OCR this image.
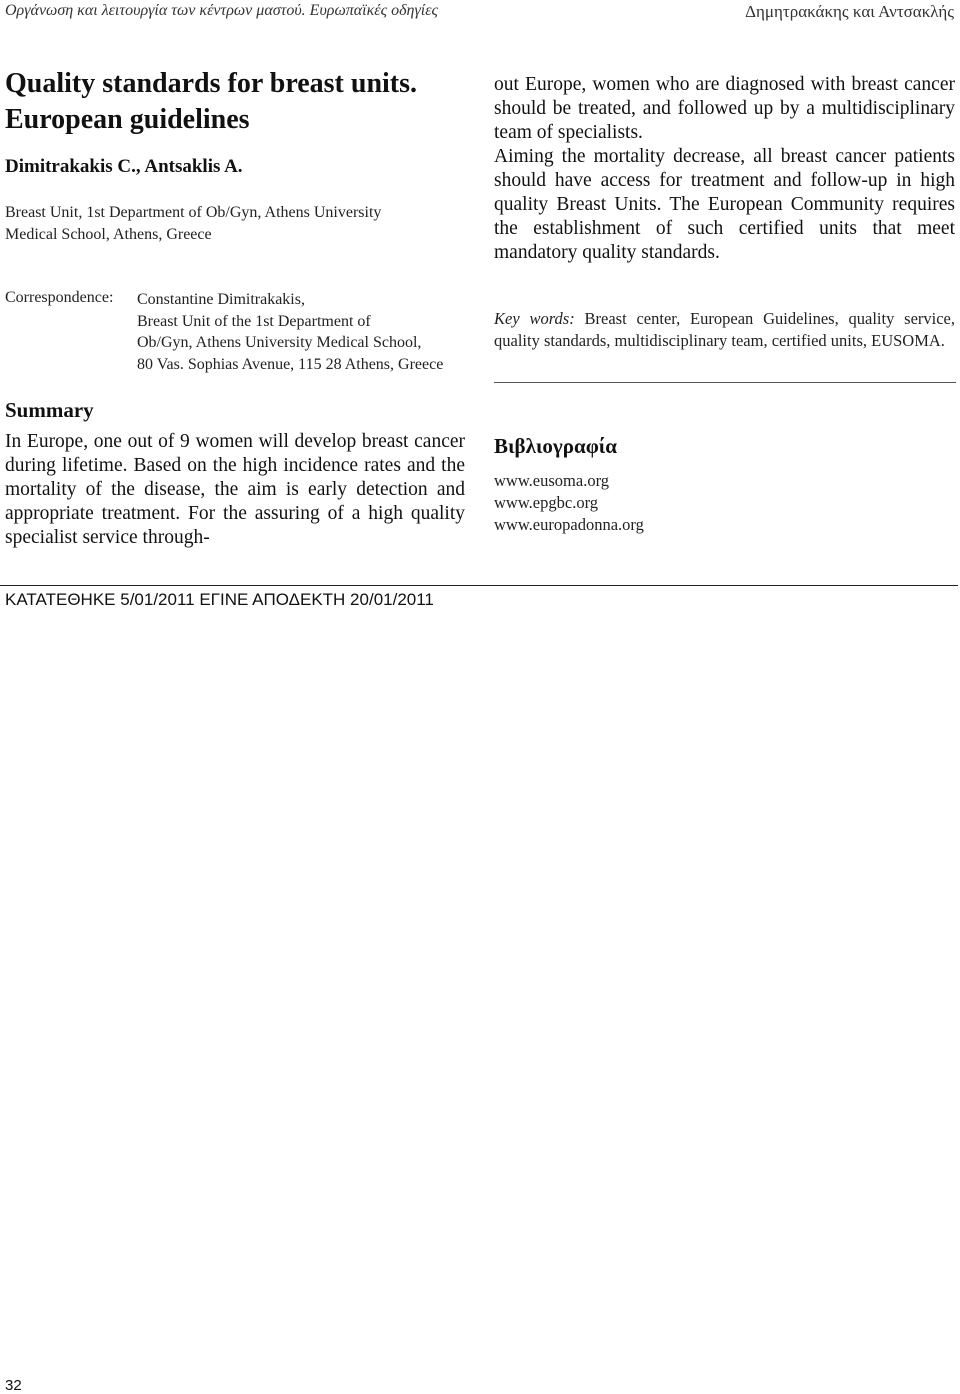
Οργάνωση και λειτουργία των κέντρων μαστού. Ευρωπαϊκές οδηγίες	Δημητρακάκης και Αντσακλής
Quality standards for breast units.
European guidelines
Dimitrakakis C., Antsaklis A.
Breast Unit, 1st Department of Ob/Gyn, Athens University
Medical School, Athens, Greece
Correspondence: Constantine Dimitrakakis,
Breast Unit of the 1st Department of
Ob/Gyn, Athens University Medical School,
80 Vas. Sophias Avenue, 115 28 Athens, Greece
Summary

In Europe, one out of 9 women will develop breast cancer during lifetime. Based on the high incidence rates and the mortality of the disease, the aim is early detection and appropriate treatment. For the assuring of a high quality specialist service through-

out Europe, women who are diagnosed with breast cancer should be treated, and followed up by a multidisciplinary team of specialists.

Aiming the mortality decrease, all breast cancer patients should have access for treatment and follow-up in high quality Breast Units. The European Community requires the establishment of such certified units that meet mandatory quality standards.

Key words: Breast center, European Guidelines, quality service, quality standards, multidisciplinary team, certified units, EUSOMA.
Βιβλιογραφία
www.eusoma.org
www.epgbc.org
www.europadonna.org
ΚΑΤΑΤΕΘΗΚΕ 5/01/2011 ΕΓΙΝΕ ΑΠΟΔΕΚΤΗ 20/01/2011
32
